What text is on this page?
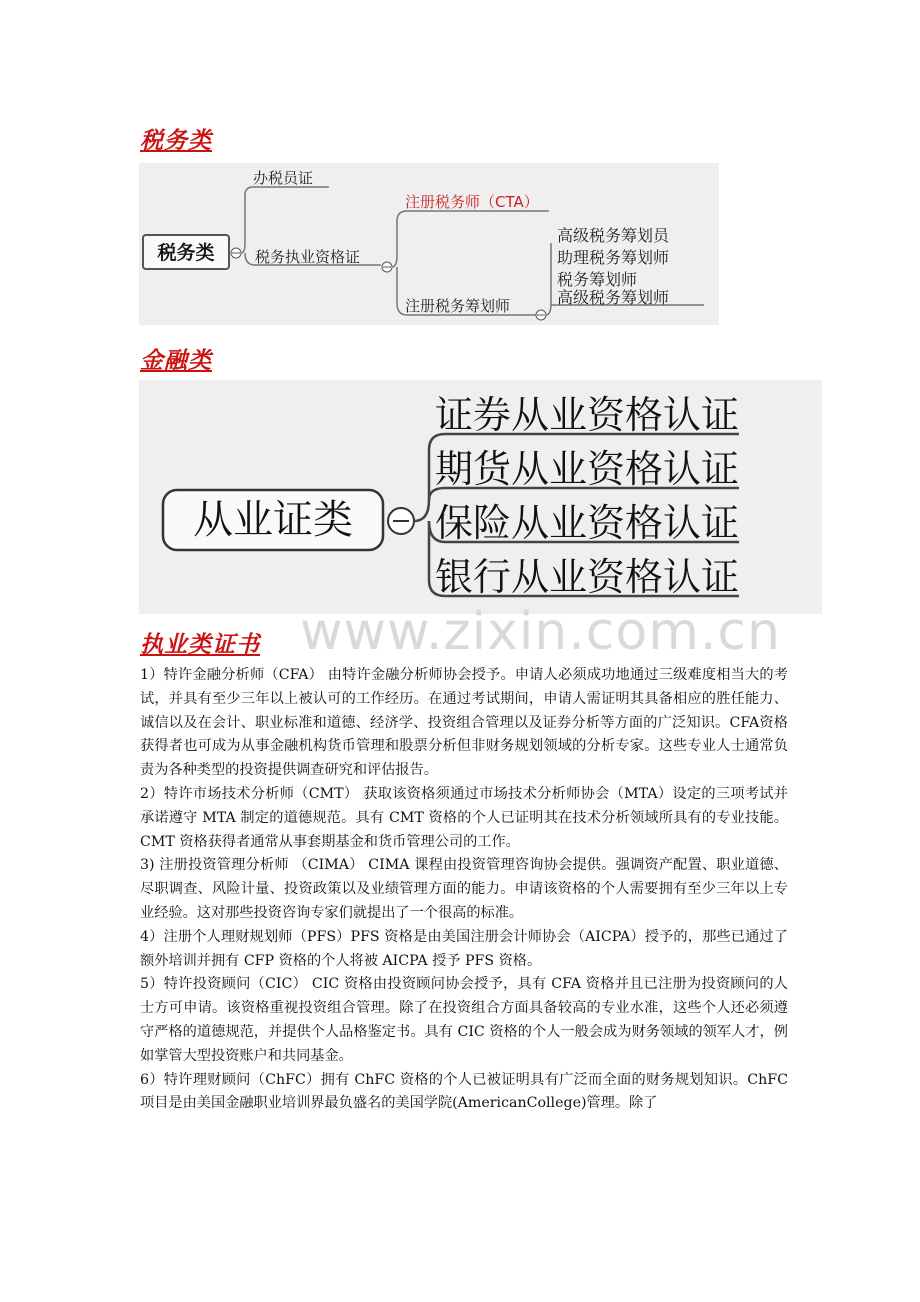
税务类
税务类
办税员证
税务执业资格证
注册税务师（CTA）
注册税务筹划师
高级税务筹划员
助理税务筹划师
税务筹划师
高级税务筹划师
金融类
从业证类
证券从业资格认证
期货从业资格认证
保险从业资格认证
银行从业资格认证
www.zixin.com.cn
执业类证书

1）特许金融分析师（CFA） 由特许金融分析师协会授予。申请人必须成功地通过三级难度相当大的考试，并具有至少三年以上被认可的工作经历。在通过考试期间，申请人需证明其具备相应的胜任能力、诚信以及在会计、职业标准和道德、经济学、投资组合管理以及证券分析等方面的广泛知识。CFA资格获得者也可成为从事金融机构货币管理和股票分析但非财务规划领域的分析专家。这些专业人士通常负责为各种类型的投资提供调查研究和评估报告。

2）特许市场技术分析师（CMT） 获取该资格须通过市场技术分析师协会（MTA）设定的三项考试并承诺遵守 MTA 制定的道德规范。具有 CMT 资格的个人已证明其在技术分析领域所具有的专业技能。CMT 资格获得者通常从事套期基金和货币管理公司的工作。

3) 注册投资管理分析师 （CIMA） CIMA 课程由投资管理咨询协会提供。强调资产配置、职业道德、尽职调查、风险计量、投资政策以及业绩管理方面的能力。申请该资格的个人需要拥有至少三年以上专业经验。这对那些投资咨询专家们就提出了一个很高的标准。

4）注册个人理财规划师（PFS）PFS 资格是由美国注册会计师协会（AICPA）授予的，那些已通过了额外培训并拥有 CFP 资格的个人将被 AICPA 授予 PFS 资格。

5）特许投资顾问（CIC） CIC 资格由投资顾问协会授予，具有 CFA 资格并且已注册为投资顾问的人士方可申请。该资格重视投资组合管理。除了在投资组合方面具备较高的专业水准，这些个人还必须遵守严格的道德规范，并提供个人品格鉴定书。具有 CIC 资格的个人一般会成为财务领域的领军人才，例如掌管大型投资账户和共同基金。

6）特许理财顾问（ChFC）拥有 ChFC 资格的个人已被证明具有广泛而全面的财务规划知识。ChFC 项目是由美国金融职业培训界最负盛名的美国学院(AmericanCollege)管理。除了
